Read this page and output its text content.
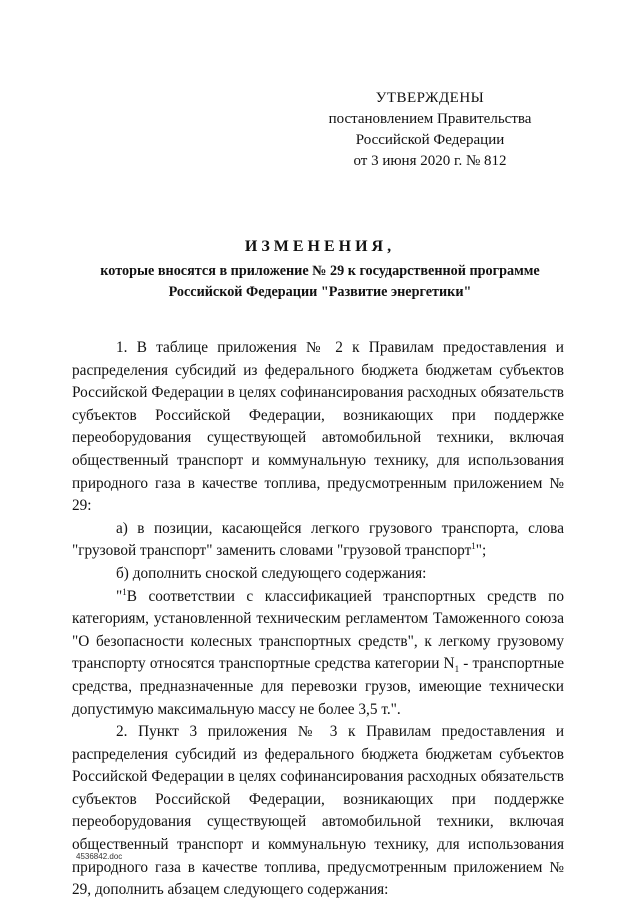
УТВЕРЖДЕНЫ
постановлением Правительства
Российской Федерации
от 3 июня 2020 г. № 812
ИЗМЕНЕНИЯ,
которые вносятся в приложение № 29 к государственной программе
Российской Федерации "Развитие энергетики"

1. В таблице приложения № 2 к Правилам предоставления и распределения субсидий из федерального бюджета бюджетам субъектов Российской Федерации в целях софинансирования расходных обязательств субъектов Российской Федерации, возникающих при поддержке переоборудования существующей автомобильной техники, включая общественный транспорт и коммунальную технику, для использования природного газа в качестве топлива, предусмотренным приложением № 29:

а) в позиции, касающейся легкого грузового транспорта, слова "грузовой транспорт" заменить словами "грузовой транспорт$^1$";

б) дополнить сноской следующего содержания:

"$^1$В соответствии с классификацией транспортных средств по категориям, установленной техническим регламентом Таможенного союза "О безопасности колесных транспортных средств", к легкому грузовому транспорту относятся транспортные средства категории $N_1$ - транспортные средства, предназначенные для перевозки грузов, имеющие технически допустимую максимальную массу не более 3,5 т.".

2. Пункт 3 приложения № 3 к Правилам предоставления и распределения субсидий из федерального бюджета бюджетам субъектов Российской Федерации в целях софинансирования расходных обязательств субъектов Российской Федерации, возникающих при поддержке переоборудования существующей автомобильной техники, включая общественный транспорт и коммунальную технику, для использования природного газа в качестве топлива, предусмотренным приложением № 29, дополнить абзацем следующего содержания:

4536842.doc
